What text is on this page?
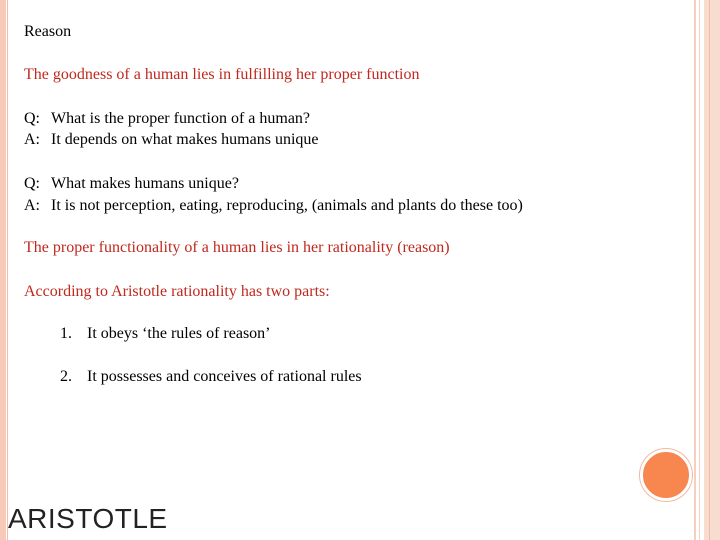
Reason
The goodness of a human lies in fulfilling her proper function
Q: What is the proper function of a human?
A: It depends on what makes humans unique
Q: What makes humans unique?
A: It is not perception, eating, reproducing, (animals and plants do these too)
The proper functionality of a human lies in her rationality (reason)
According to Aristotle rationality has two parts:
1. It obeys ‘the rules of reason’
2. It possesses and conceives of rational rules
ARISTOTLE
